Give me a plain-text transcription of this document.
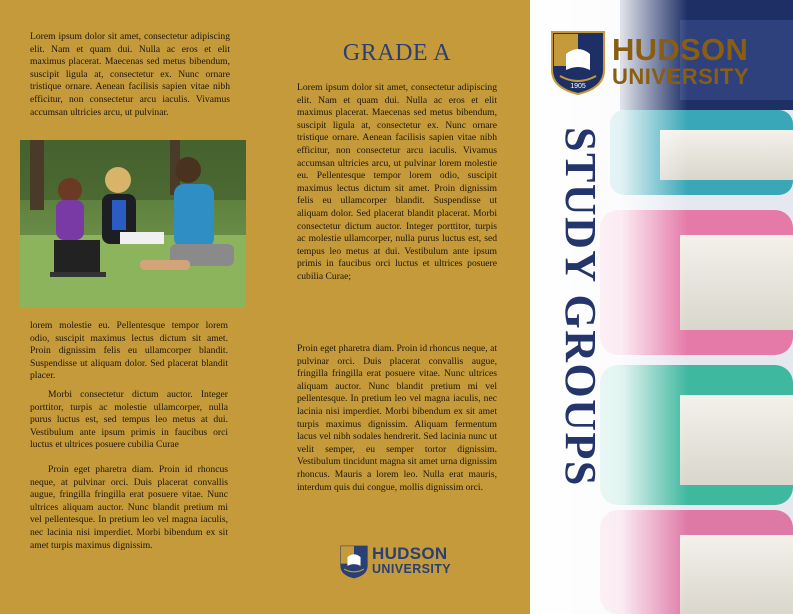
Lorem ipsum dolor sit amet, consectetur adipiscing elit. Nam et quam dui. Nulla ac eros et elit maximus placerat. Maecenas sed metus bibendum, suscipit ligula at, consectetur ex. Nunc ornare tristique ornare. Aenean facilisis sapien vitae nibh efficitur, non consectetur arcu iaculis. Vivamus accumsan ultricies arcu, ut pulvinar.

lorem molestie eu. Pellentesque tempor lorem odio, suscipit maximus lectus dictum sit amet. Proin dignissim felis eu ullamcorper blandit. Suspendisse ut aliquam dolor. Sed placerat blandit placer.

Morbi consectetur dictum auctor. Integer porttitor, turpis ac molestie ullamcorper, nulla purus luctus est, sed tempus leo metus at dui. Vestibulum ante ipsum primis in faucibus orci luctus et ultrices posuere cubilia Curae

Proin eget pharetra diam. Proin id rhoncus neque, at pulvinar orci. Duis placerat convallis augue, fringilla fringilla erat posuere vitae. Nunc ultrices aliquam auctor. Nunc blandit pretium mi vel pellentesque. In pretium leo vel magna iaculis, nec lacinia nisi imperdiet. Morbi bibendum ex sit amet turpis maximus dignissim.

GRADE A

Lorem ipsum dolor sit amet, consectetur adipiscing elit. Nam et quam dui. Nulla ac eros et elit maximus placerat. Maecenas sed metus bibendum, suscipit ligula at, consectetur ex. Nunc ornare tristique ornare. Aenean facilisis sapien vitae nibh efficitur, non consectetur arcu iaculis. Vivamus accumsan ultricies arcu, ut pulvinar lorem molestie eu. Pellentesque tempor lorem odio, suscipit maximus lectus dictum sit amet. Proin dignissim felis eu ullamcorper blandit. Suspendisse ut aliquam dolor. Sed placerat blandit placerat. Morbi consectetur dictum auctor. Integer porttitor, turpis ac molestie ullamcorper, nulla purus luctus est, sed tempus leo metus at dui. Vestibulum ante ipsum primis in faucibus orci luctus et ultrices posuere cubilia Curae;

Proin eget pharetra diam. Proin id rhoncus neque, at pulvinar orci. Duis placerat convallis augue, fringilla fringilla erat posuere vitae. Nunc ultrices aliquam auctor. Nunc blandit pretium mi vel pellentesque. In pretium leo vel magna iaculis, nec lacinia nisi imperdiet. Morbi bibendum ex sit amet turpis maximus dignissim. Aliquam fermentum lacus vel nibh sodales hendrerit. Sed lacinia nunc ut velit semper, eu semper tortor dignissim. Vestibulum tincidunt magna sit amet urna dignissim rhoncus. Mauris a lorem leo. Nulla erat mauris, interdum quis dui congue, mollis dignissim orci.

HUDSON
UNIVERSITY
1905
HUDSON
UNIVERSITY
STUDY GROUPS
